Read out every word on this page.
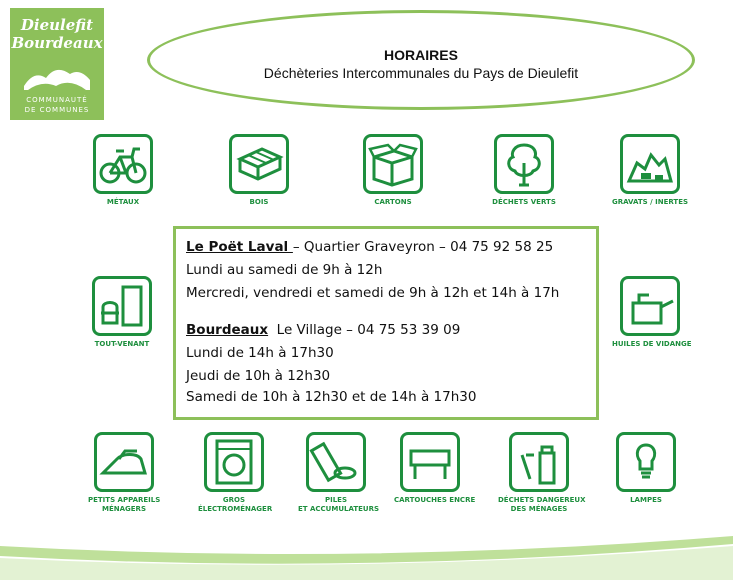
Dieulefit
Bourdeaux
COMMUNAUTÉ
DE COMMUNES
HORAIRES
Déchèteries Intercommunales du Pays de Dieulefit
MÉTAUX	BOIS	CARTONS	DÉCHETS VERTS	GRAVATS / INERTES
TOUT-VENANT	HUILES DE VIDANGE
PETITS APPAREILS
MÉNAGERS
GROS
ÉLECTROMÉNAGER
PILES
ET ACCUMULATEURS
CARTOUCHES ENCRE	DÉCHETS DANGEREUX
DES MÉNAGES
LAMPES
Le Poët Laval – Quartier Graveyron – 04 75 92 58 25
Lundi au samedi de 9h à 12h
Mercredi, vendredi et samedi de 9h à 12h et 14h à 17h
Bourdeaux  Le Village – 04 75 53 39 09
Lundi de 14h à 17h30
Jeudi de 10h à 12h30
Samedi de 10h à 12h30 et de 14h à 17h30
